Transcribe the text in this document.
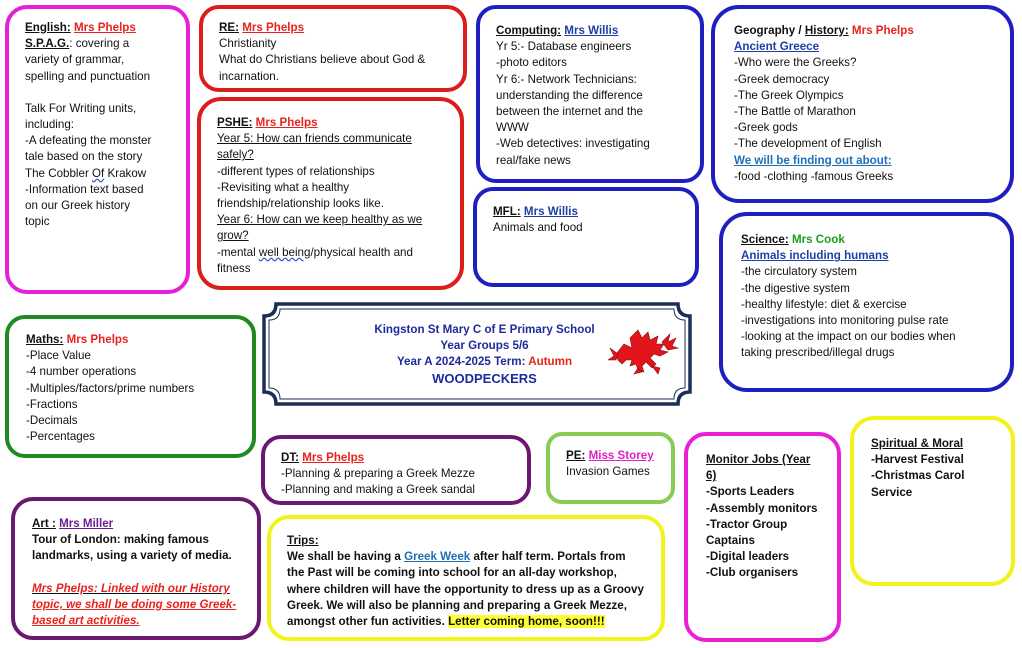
English: Mrs Phelps
S.P.A.G.: covering a
variety of grammar,
spelling and punctuation
Talk For Writing units,
including:
-A defeating the monster
tale based on the story
The Cobbler Of Krakow
-Information text based
on our Greek history
topic
RE: Mrs Phelps
Christianity
What do Christians believe about God &
incarnation.
PSHE: Mrs Phelps
Year 5: How can friends communicate
safely?
-different types of relationships
-Revisiting what a healthy
friendship/relationship looks like.
Year 6: How can we keep healthy as we
grow?
-mental well being/physical health and
fitness
Computing: Mrs Willis
Yr 5:- Database engineers
-photo editors
Yr 6:- Network Technicians:
understanding the difference
between the internet and the
WWW
-Web detectives: investigating
real/fake news
MFL: Mrs Willis
Animals and food
Geography / History: Mrs Phelps
Ancient Greece
-Who were the Greeks?
-Greek democracy
-The Greek Olympics
-The Battle of Marathon
-Greek gods
-The development of English
We will be finding out about:
-food -clothing -famous Greeks
Science: Mrs Cook
Animals including humans
-the circulatory system
-the digestive system
-healthy lifestyle: diet & exercise
-investigations into monitoring pulse rate
-looking at the impact on our bodies when
taking prescribed/illegal drugs
Maths: Mrs Phelps
-Place Value
-4 number operations
-Multiples/factors/prime numbers
-Fractions
-Decimals
-Percentages
Kingston St Mary C of E Primary School
Year Groups 5/6
Year A 2024-2025 Term: Autumn
WOODPECKERS
DT: Mrs Phelps
-Planning & preparing a Greek Mezze
-Planning and making a Greek sandal
PE: Miss Storey
Invasion Games
Monitor Jobs (Year
6)
-Sports Leaders
-Assembly monitors
-Tractor Group
Captains
-Digital leaders
-Club organisers
Spiritual & Moral
-Harvest Festival
-Christmas Carol
Service
Art : Mrs Miller
Tour of London: making famous
landmarks, using a variety of media.
Mrs Phelps: Linked with our History
topic, we shall be doing some Greek-
based art activities.
Trips:
We shall be having a Greek Week after half term. Portals from
the Past will be coming into school for an all-day workshop,
where children will have the opportunity to dress up as a Groovy
Greek. We will also be planning and preparing a Greek Mezze,
amongst other fun activities. Letter coming home, soon!!!
